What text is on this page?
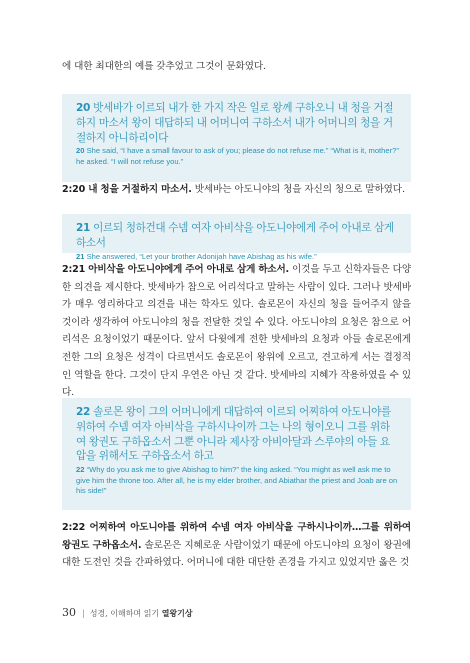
에 대한 최대한의 예를 갖추었고 그것이 문화였다.

20 밧세바가 이르되 내가 한 가지 작은 일로 왕께 구하오니 내 청을 거절하지 마소서 왕이 대답하되 내 어머니여 구하소서 내가 어머니의 청을 거절하지 아니하리이다
20 She said, “I have a small favour to ask of you; please do not refuse me.” “What is it, mother?” he asked. “I will not refuse you.”

2:20 내 청을 거절하지 마소서. 밧세바는 아도니야의 청을 자신의 청으로 말하였다.

21 이르되 청하건대 수넴 여자 아비삭을 아도니야에게 주어 아내로 삼게 하소서
21 She answered, “Let your brother Adonijah have Abishag as his wife.”

2:21 아비삭을 아도니야에게 주어 아내로 삼게 하소서. 이것을 두고 신학자들은 다양한 의견을 제시한다. 밧세바가 참으로 어리석다고 말하는 사람이 있다. 그러나 밧세바가 매우 영리하다고 의견을 내는 학자도 있다. 솔로몬이 자신의 청을 들어주지 않을 것이라 생각하여 아도니야의 청을 전달한 것일 수 있다. 아도니야의 요청은 참으로 어리석은 요청이었기 때문이다. 앞서 다윗에게 전한 밧세바의 요청과 아들 솔로몬에게 전한 그의 요청은 성격이 다르면서도 솔로몬이 왕위에 오르고, 견고하게 서는 결정적인 역할을 한다. 그것이 단지 우연은 아닌 것 같다. 밧세바의 지혜가 작용하였을 수 있다.

22 솔로몬 왕이 그의 어머니에게 대답하여 이르되 어찌하여 아도니야를 위하여 수넴 여자 아비삭을 구하시나이까 그는 나의 형이오니 그를 위하여 왕권도 구하옵소서 그뿐 아니라 제사장 아비아달과 스루야의 아들 요압을 위해서도 구하옵소서 하고
22 “Why do you ask me to give Abishag to him?” the king asked. “You might as well ask me to give him the throne too. After all, he is my elder brother, and Abiathar the priest and Joab are on his side!”

2:22 어찌하여 아도니야를 위하여 수넴 여자 아비삭을 구하시나이까…그를 위하여 왕권도 구하옵소서. 솔로몬은 지혜로운 사람이었기 때문에 아도니야의 요청이 왕권에 대한 도전인 것을 간파하였다. 어머니에 대한 대단한 존경을 가지고 있었지만 옳은 것

30 | 성경, 이해하며 읽기 열왕기상
